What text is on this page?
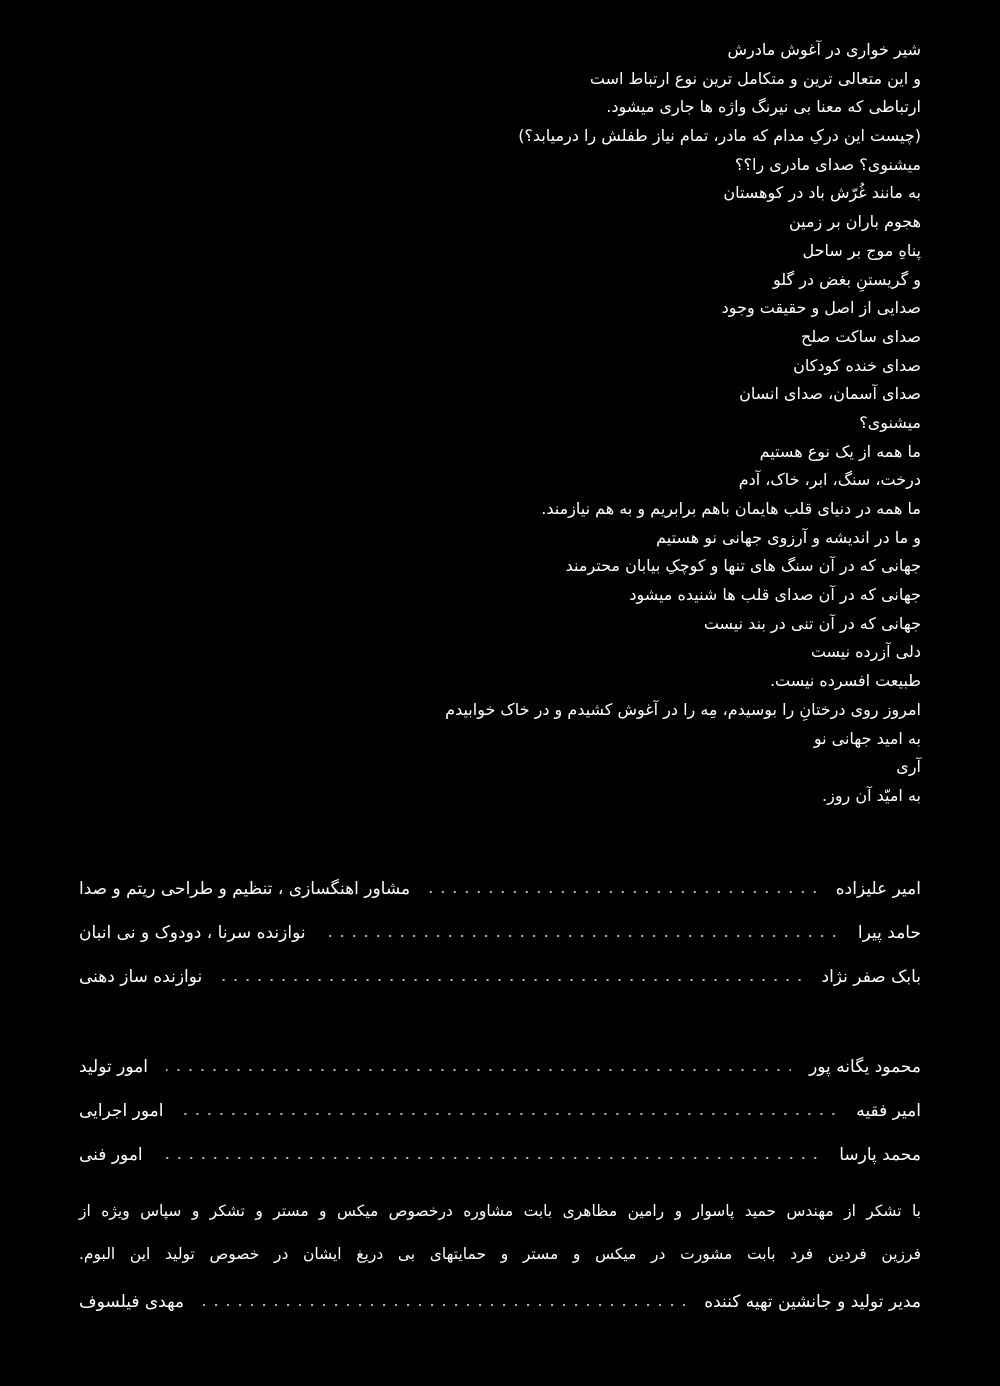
شیر خواری در آغوش مادرش
و این متعالی ترین و متکامل ترین نوع ارتباط است
ارتباطی که معنا بی نیرنگ واژه ها جاری میشود.
(چیست این درکِ مدام که مادر، تمام نیاز طفلش را درمیابد؟)
میشنوی؟ صدای مادری را؟؟
به مانند غُرّش باد در کوهستان
هجوم باران بر زمین
پناهِ موج بر ساحل
و گریستنِ بغض در گلو
صدایی از اصل و حقیقت وجود
صدای ساکت صلح
صدای خنده کودکان
صدای آسمان، صدای انسان
میشنوی؟
ما همه از یک نوع هستیم
درخت، سنگ، ابر، خاک، آدم
ما همه در دنیای قلب هایمان باهم برابریم و به هم نیازمند.
و ما در اندیشه و آرزوی جهانی نو هستیم
جهانی که در آن سنگ های تنها و کوچکِ بیابان محترمند
جهانی که در آن صدای قلب ها شنیده میشود
جهانی که در آن تنی در بند نیست
دلی آزرده نیست
طبیعت افسرده نیست.
امروز روی درختانِ را بوسیدم، مِه را در آغوش کشیدم و در خاک خوابیدم
به امید جهانی نو
آری
به امیّد آن روز.
امیر علیزاده
مشاور اهنگسازی ، تنظیم و طراحی ریتم و صدا
حامد پیرا
نوازنده سرنا ، دودوک و نی انبان
بابک صفر نژاد
نوازنده ساز دهنی
محمود یگانه پور
امور تولید
امیر فقیه
امور اجرایی
محمد پارسا
امور فنی
با تشکر از مهندس حمید پاسوار و رامین مظاهری بابت مشاوره درخصوص میکس و مستر و تشکر و سپاس ویژه از
فرزین فردین فرد بابت مشورت در میکس و مستر و حمایتهای بی دریغ ایشان در خصوص تولید این البوم.
مدیر تولید و جانشین تهیه کننده
مهدی فیلسوف
